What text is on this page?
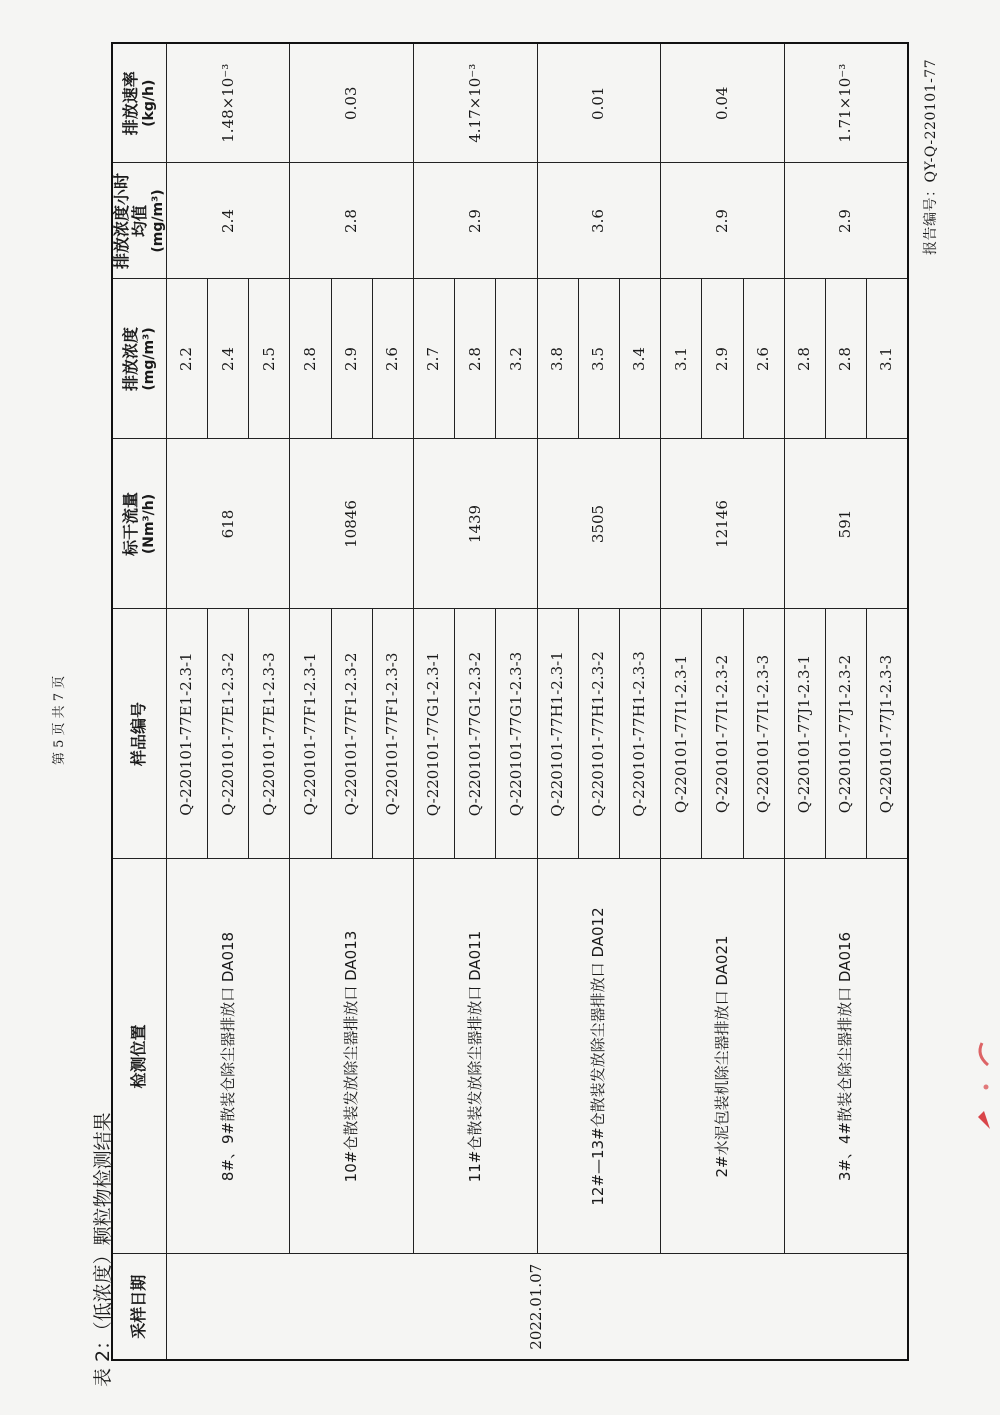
报告编号：QY-Q-220101-77
表 2：（低浓度）颗粒物检测结果 采样日期	检测位置	样品编号	标干流量 (Nm³/h)	排放浓度 (mg/m³)	排放浓度小时均值 (mg/m³)	排放速率 (kg/h)

2022.01.07	8#、9#散装仓除尘器排放口 DA018	Q-220101-77E1-2.3-1	618	2.2	2.4	1.48×10⁻³
		Q-220101-77E1-2.3-2		2.4		
		Q-220101-77E1-2.3-3		2.5		
	10#仓散装发放除尘器排放口 DA013	Q-220101-77F1-2.3-1	10846	2.8	2.8	0.03
		Q-220101-77F1-2.3-2		2.9		
		Q-220101-77F1-2.3-3		2.6		
	11#仓散装发放除尘器排放口 DA011	Q-220101-77G1-2.3-1	1439	2.7	2.9	4.17×10⁻³
		Q-220101-77G1-2.3-2		2.8		
		Q-220101-77G1-2.3-3		3.2		
	12#—13#仓散装发放除尘器排放口 DA012	Q-220101-77H1-2.3-1	3505	3.8	3.6	0.01
		Q-220101-77H1-2.3-2		3.5		
		Q-220101-77H1-2.3-3		3.4		
	2#水泥包装机除尘器排放口 DA021	Q-220101-77I1-2.3-1	12146	3.1	2.9	0.04
		Q-220101-77I1-2.3-2		2.9		
		Q-220101-77I1-2.3-3		2.6		
	3#、4#散装仓除尘器排放口 DA016	Q-220101-77J1-2.3-1	591	2.8	2.9	1.71×10⁻³
		Q-220101-77J1-2.3-2		2.8		
		Q-220101-77J1-2.3-3		3.1		
第 5 页 共 7 页
